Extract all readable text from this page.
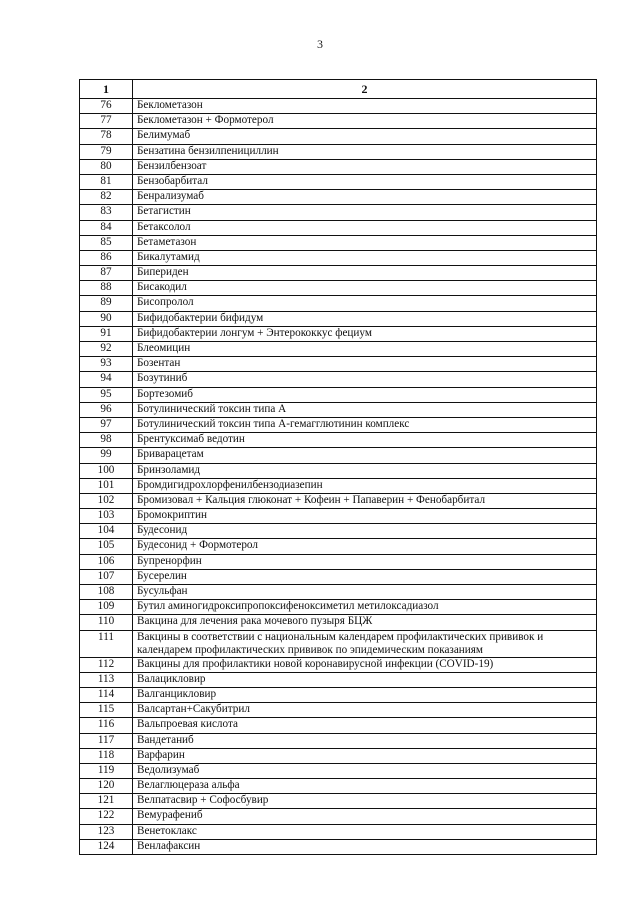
3
1	2
76	Беклометазон
77	Беклометазон + Формотерол
78	Белимумаб
79	Бензатина бензилпенициллин
80	Бензилбензоат
81	Бензобарбитал
82	Бенрализумаб
83	Бетагистин
84	Бетаксолол
85	Бетаметазон
86	Бикалутамид
87	Бипериден
88	Бисакодил
89	Бисопролол
90	Бифидобактерии бифидум
91	Бифидобактерии лонгум + Энтерококкус фециум
92	Блеомицин
93	Бозентан
94	Бозутиниб
95	Бортезомиб
96	Ботулинический токсин типа А
97	Ботулинический токсин типа А-гемагглютинин комплекс
98	Брентуксимаб ведотин
99	Бриварацетам
100	Бринзоламид
101	Бромдигидрохлорфенилбензодиазепин
102	Бромизовал + Кальция глюконат + Кофеин + Папаверин + Фенобарбитал
103	Бромокриптин
104	Будесонид
105	Будесонид + Формотерол
106	Бупренорфин
107	Бусерелин
108	Бусульфан
109	Бутил аминогидроксипропоксифеноксиметил метилоксадиазол
110	Вакцина для лечения рака мочевого пузыря БЦЖ
111	Вакцины в соответствии с национальным календарем профилактических прививок и календарем профилактических прививок по эпидемическим показаниям
112	Вакцины для профилактики новой коронавирусной инфекции (COVID-19)
113	Валацикловир
114	Валганцикловир
115	Валсартан+Сакубитрил
116	Вальпроевая кислота
117	Вандетаниб
118	Варфарин
119	Ведолизумаб
120	Велаглюцераза альфа
121	Велпатасвир + Софосбувир
122	Вемурафениб
123	Венетоклакс
124	Венлафаксин
